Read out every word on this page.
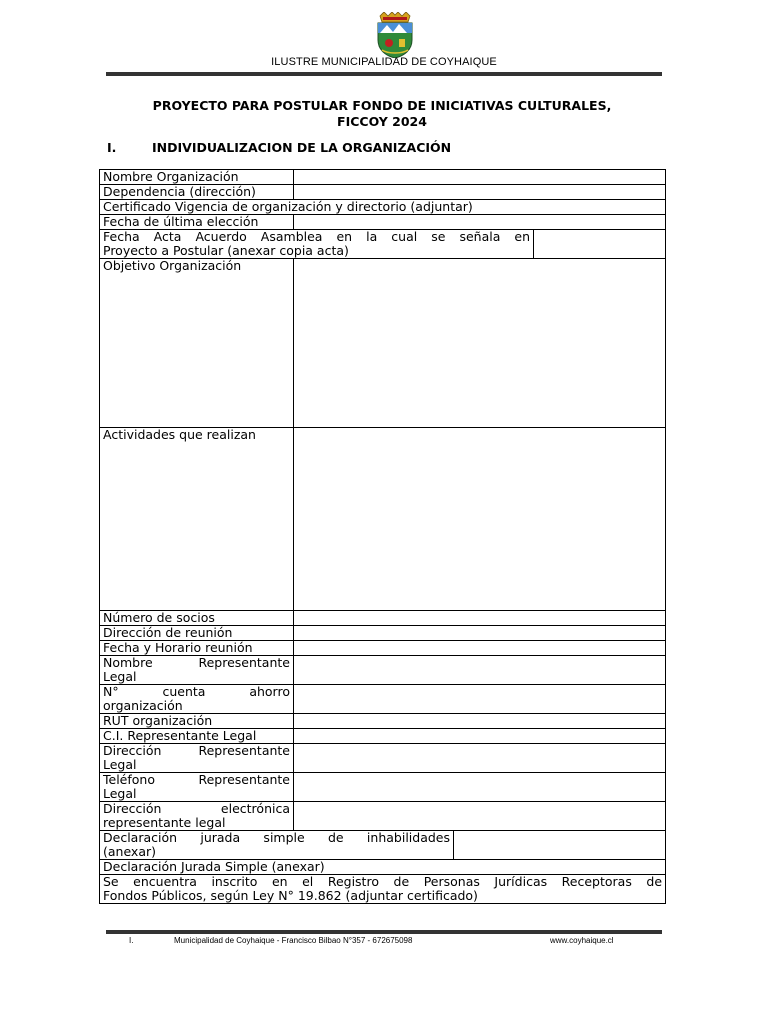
ILUSTRE MUNICIPALIDAD DE COYHAIQUE
PROYECTO PARA POSTULAR FONDO DE INICIATIVAS CULTURALES,
FICCOY 2024
I.	INDIVIDUALIZACION DE LA ORGANIZACIÓN
Nombre Organización			
Dependencia (dirección)			
Certificado Vigencia de organización y directorio (adjuntar)			
Fecha de última elección			

Fecha Acta Acuerdo Asamblea en la cual se señala en
Proyecto a Postular (anexar copia acta)			

Objetivo Organización			
Actividades que realizan			
Número de socios			
Dirección de reunión			
Fecha y Horario reunión			

Nombre Representante
Legal			

N° cuenta ahorro
organización			

RUT organización			
C.I. Representante Legal			

Dirección Representante
Legal			

Teléfono Representante
Legal			

Dirección electrónica
representante legal			

Declaración jurada simple de inhabilidades
(anexar)			

Declaración Jurada Simple (anexar)			

Se encuentra inscrito en el Registro de Personas Jurídicas Receptoras de
Fondos Públicos, según Ley N° 19.862 (adjuntar certificado)			
I.	Municipalidad de Coyhaique - Francisco Bilbao N°357 - 672675098	www.coyhaique.cl
